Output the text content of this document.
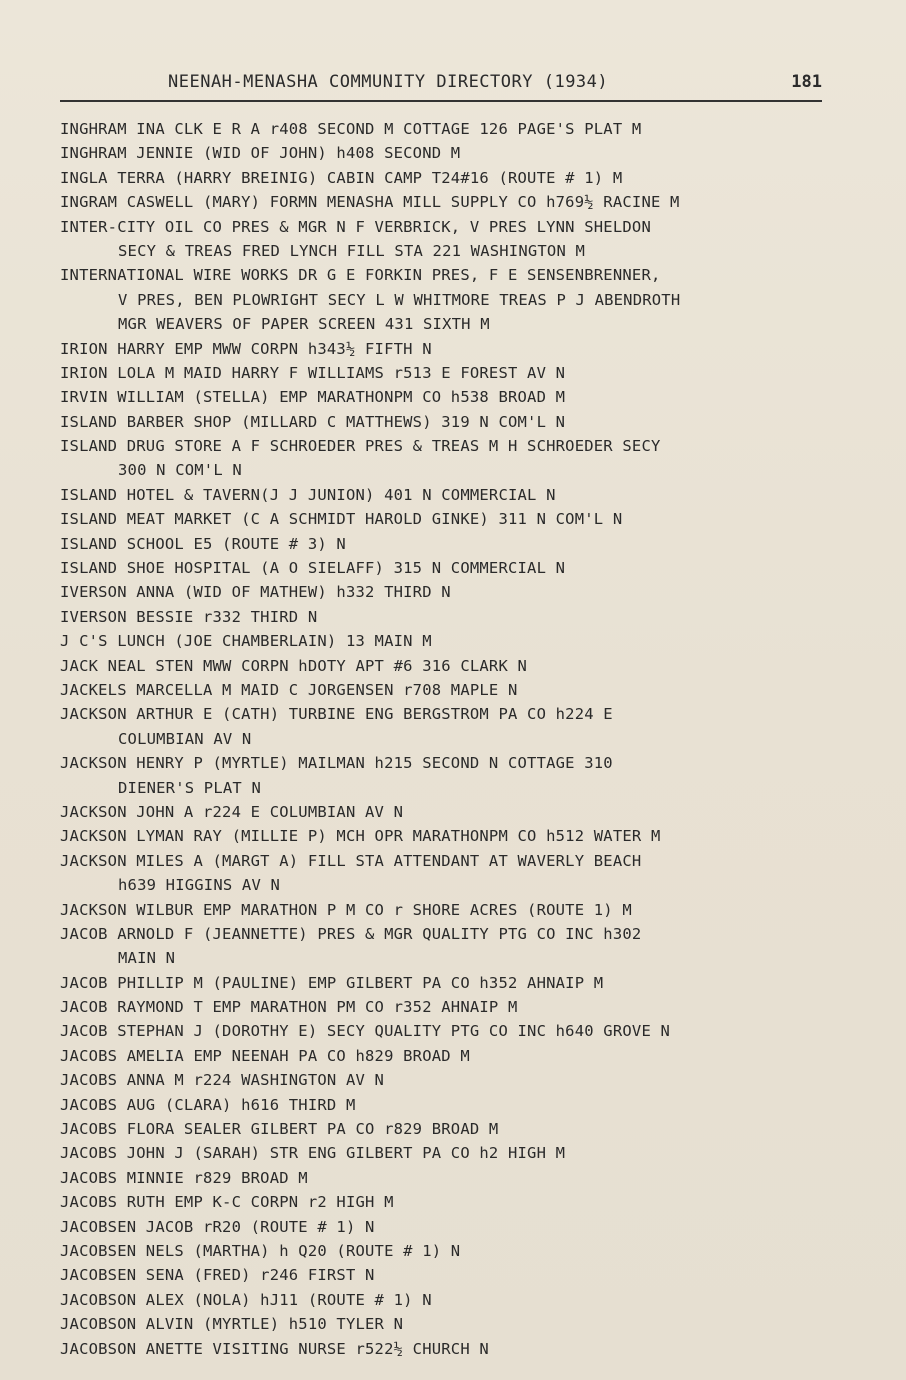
NEENAH-MENASHA COMMUNITY DIRECTORY (1934)	181
INGHRAM INA CLK E R A r408 SECOND M COTTAGE 126 PAGE'S PLAT M
INGHRAM JENNIE (WID OF JOHN) h408 SECOND M
INGLA TERRA (HARRY BREINIG) CABIN CAMP T24#16 (ROUTE # 1) M
INGRAM CASWELL (MARY) FORMN MENASHA MILL SUPPLY CO h769½ RACINE M
INTER-CITY OIL CO PRES & MGR N F VERBRICK, V PRES LYNN SHELDON
SECY & TREAS FRED LYNCH FILL STA 221 WASHINGTON M
INTERNATIONAL WIRE WORKS DR G E FORKIN PRES, F E SENSENBRENNER,
V PRES, BEN PLOWRIGHT SECY L W WHITMORE TREAS P J ABENDROTH
MGR WEAVERS OF PAPER SCREEN 431 SIXTH M
IRION HARRY EMP MWW CORPN h343½ FIFTH N
IRION LOLA M MAID HARRY F WILLIAMS r513 E FOREST AV N
IRVIN WILLIAM (STELLA) EMP MARATHONPM CO h538 BROAD M
ISLAND BARBER SHOP (MILLARD C MATTHEWS) 319 N COM'L N
ISLAND DRUG STORE A F SCHROEDER PRES & TREAS M H SCHROEDER SECY
300 N COM'L N
ISLAND HOTEL & TAVERN(J J JUNION) 401 N COMMERCIAL N
ISLAND MEAT MARKET (C A SCHMIDT HAROLD GINKE) 311 N COM'L N
ISLAND SCHOOL E5 (ROUTE # 3) N
ISLAND SHOE HOSPITAL (A O SIELAFF) 315 N COMMERCIAL N
IVERSON ANNA (WID OF MATHEW) h332 THIRD N
IVERSON BESSIE r332 THIRD N
J C'S LUNCH (JOE CHAMBERLAIN) 13 MAIN M
JACK NEAL STEN MWW CORPN hDOTY APT #6 316 CLARK N
JACKELS MARCELLA M MAID C JORGENSEN r708 MAPLE N
JACKSON ARTHUR E (CATH) TURBINE ENG BERGSTROM PA CO h224 E
COLUMBIAN AV N
JACKSON HENRY P (MYRTLE) MAILMAN h215 SECOND N COTTAGE 310
DIENER'S PLAT N
JACKSON JOHN A r224 E COLUMBIAN AV N
JACKSON LYMAN RAY (MILLIE P) MCH OPR MARATHONPM CO h512 WATER M
JACKSON MILES A (MARGT A) FILL STA ATTENDANT AT WAVERLY BEACH
h639 HIGGINS AV N
JACKSON WILBUR EMP MARATHON P M CO r SHORE ACRES (ROUTE 1) M
JACOB ARNOLD F (JEANNETTE) PRES & MGR QUALITY PTG CO INC h302
MAIN N
JACOB PHILLIP M (PAULINE) EMP GILBERT PA CO h352 AHNAIP M
JACOB RAYMOND T EMP MARATHON PM CO r352 AHNAIP M
JACOB STEPHAN J (DOROTHY E) SECY QUALITY PTG CO INC h640 GROVE N
JACOBS AMELIA EMP NEENAH PA CO h829 BROAD M
JACOBS ANNA M r224 WASHINGTON AV N
JACOBS AUG (CLARA) h616 THIRD M
JACOBS FLORA SEALER GILBERT PA CO r829 BROAD M
JACOBS JOHN J (SARAH) STR ENG GILBERT PA CO h2 HIGH M
JACOBS MINNIE r829 BROAD M
JACOBS RUTH EMP K-C CORPN r2 HIGH M
JACOBSEN JACOB rR20 (ROUTE # 1) N
JACOBSEN NELS (MARTHA) h Q20 (ROUTE # 1) N
JACOBSEN SENA (FRED) r246 FIRST N
JACOBSON ALEX (NOLA) hJ11 (ROUTE # 1) N
JACOBSON ALVIN (MYRTLE) h510 TYLER N
JACOBSON ANETTE VISITING NURSE r522½ CHURCH N
